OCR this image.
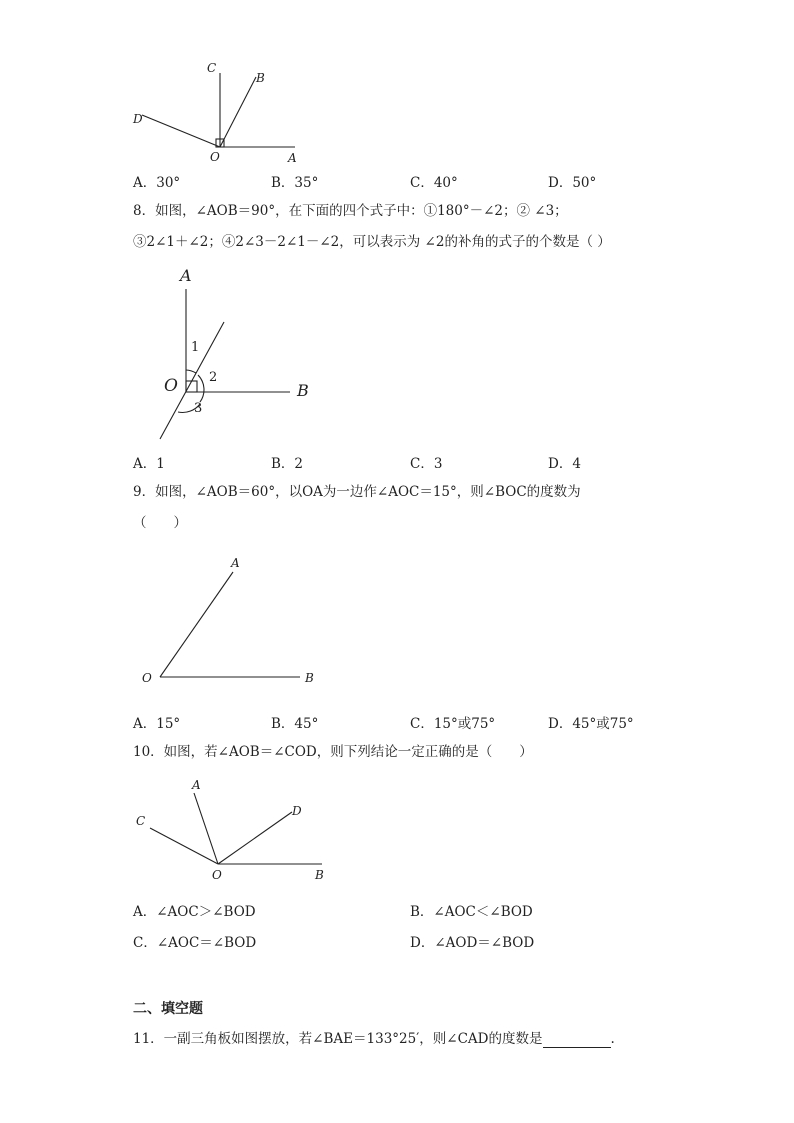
C
B
D
O	A
A．30°	B．35°	C．40°	D．50°
8．如图，∠AOB＝90°，在下面的四个式子中：①180°－∠2；② ∠3；
③2∠1＋∠2；④2∠3－2∠1－∠2，可以表示为 ∠2的补角的式子的个数是（ ）
O
A
B
1
2
3
A．1	B．2	C．3	D．4
9．如图，∠AOB＝60°，以OA为一边作∠AOC＝15°，则∠BOC的度数为
（　　）
A
O	B
A．15°	B．45°	C．15°或75°	D．45°或75°
10．如图，若∠AOB＝∠COD，则下列结论一定正确的是（　　）
A
C
D
O	B
A．∠AOC＞∠BOD	B．∠AOC＜∠BOD
C．∠AOC＝∠BOD	D．∠AOD＝∠BOD
二、填空题
11．一副三角板如图摆放，若∠BAE＝133°25′，则∠CAD的度数是	.
